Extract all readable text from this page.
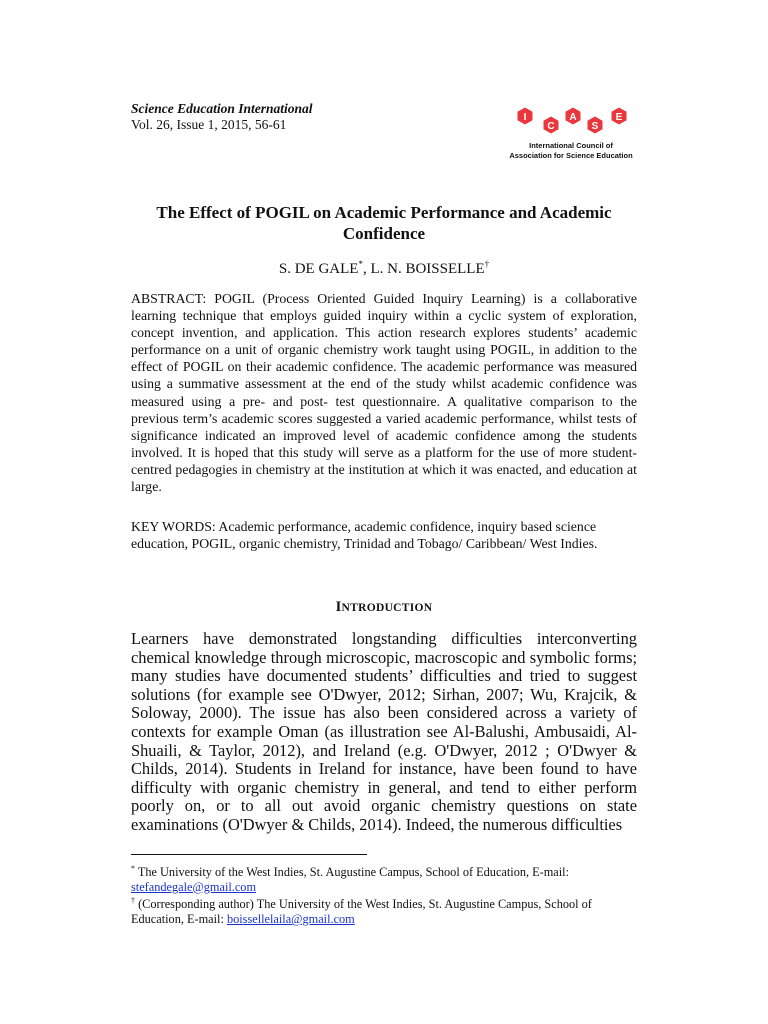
Science Education International
Vol. 26, Issue 1, 2015, 56-61	I
C
A
S
E
International Council of
Association for Science Education
The Effect of POGIL on Academic Performance and Academic Confidence
S. DE GALE*, L. N. BOISSELLE†
ABSTRACT: POGIL (Process Oriented Guided Inquiry Learning) is a collaborative learning technique that employs guided inquiry within a cyclic system of exploration, concept invention, and application. This action research explores students’ academic performance on a unit of organic chemistry work taught using POGIL, in addition to the effect of POGIL on their academic confidence. The academic performance was measured using a summative assessment at the end of the study whilst academic confidence was measured using a pre- and post- test questionnaire. A qualitative comparison to the previous term’s academic scores suggested a varied academic performance, whilst tests of significance indicated an improved level of academic confidence among the students involved. It is hoped that this study will serve as a platform for the use of more student-centred pedagogies in chemistry at the institution at which it was enacted, and education at large.
KEY WORDS: Academic performance, academic confidence, inquiry based science education, POGIL, organic chemistry, Trinidad and Tobago/ Caribbean/ West Indies.
INTRODUCTION
Learners have demonstrated longstanding difficulties interconverting chemical knowledge through microscopic, macroscopic and symbolic forms; many studies have documented students’ difficulties and tried to suggest solutions (for example see O'Dwyer, 2012; Sirhan, 2007; Wu, Krajcik, & Soloway, 2000). The issue has also been considered across a variety of contexts for example Oman (as illustration see Al-Balushi, Ambusaidi, Al-Shuaili, & Taylor, 2012), and Ireland (e.g. O'Dwyer, 2012 ; O'Dwyer & Childs, 2014). Students in Ireland for instance, have been found to have difficulty with organic chemistry in general, and tend to either perform poorly on, or to all out avoid organic chemistry questions on state examinations (O'Dwyer & Childs, 2014). Indeed, the numerous difficulties
* The University of the West Indies, St. Augustine Campus, School of Education, E-mail:
stefandegale@gmail.com
† (Corresponding author) The University of the West Indies, St. Augustine Campus, School of Education, E-mail: boissellelaila@gmail.com
